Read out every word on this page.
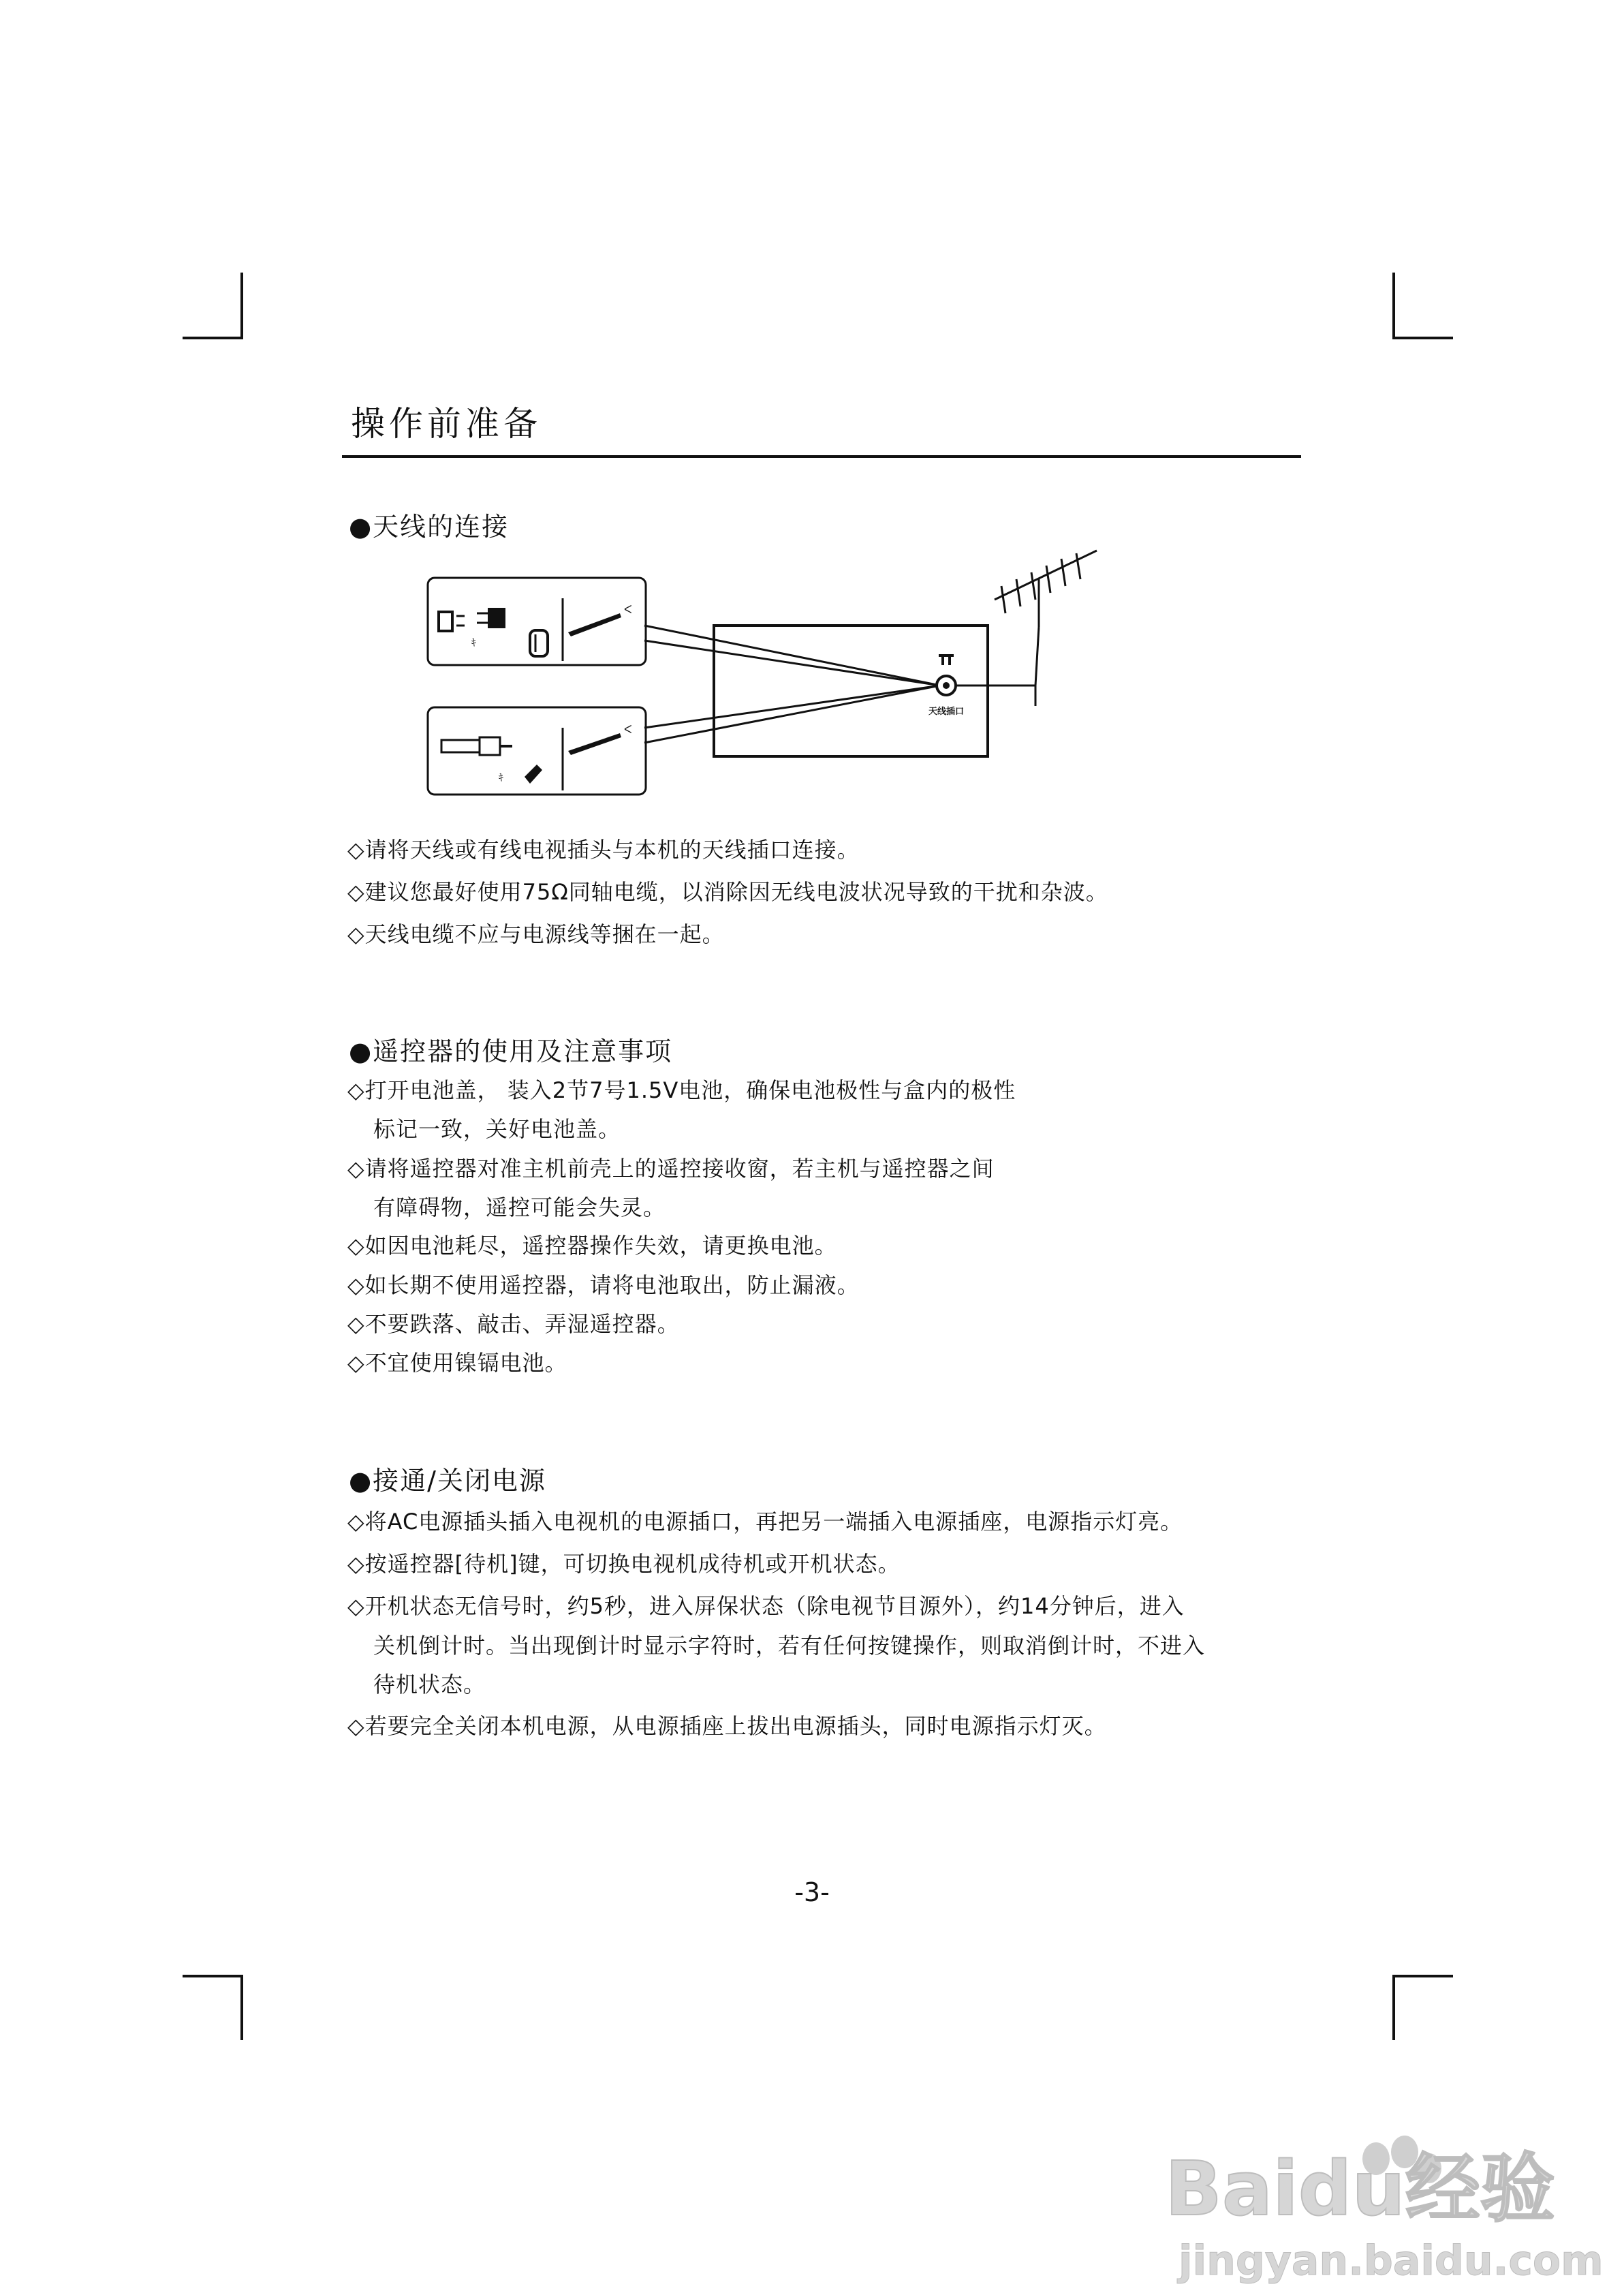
操作前准备
●天线的连接
ｷ
ᐸ
ｷ
ᐸ
天线插口
◇请将天线或有线电视插头与本机的天线插口连接。
◇建议您最好使用75Ω同轴电缆，以消除因无线电波状况导致的干扰和杂波。
◇天线电缆不应与电源线等捆在一起。
●遥控器的使用及注意事项
◇打开电池盖， 装入2节7号1.5V电池，确保电池极性与盒内的极性
标记一致，关好电池盖。
◇请将遥控器对准主机前壳上的遥控接收窗，若主机与遥控器之间
有障碍物，遥控可能会失灵。
◇如因电池耗尽，遥控器操作失效，请更换电池。
◇如长期不使用遥控器，请将电池取出，防止漏液。
◇不要跌落、敲击、弄湿遥控器。
◇不宜使用镍镉电池。
●接通/关闭电源
◇将AC电源插头插入电视机的电源插口，再把另一端插入电源插座，电源指示灯亮。
◇按遥控器[待机]键，可切换电视机成待机或开机状态。
◇开机状态无信号时，约5秒，进入屏保状态（除电视节目源外），约14分钟后，进入
关机倒计时。当出现倒计时显示字符时，若有任何按键操作，则取消倒计时，不进入
待机状态。
◇若要完全关闭本机电源，从电源插座上拔出电源插头，同时电源指示灯灭。
-3-
Baidu经验
jingyan.baidu.com
